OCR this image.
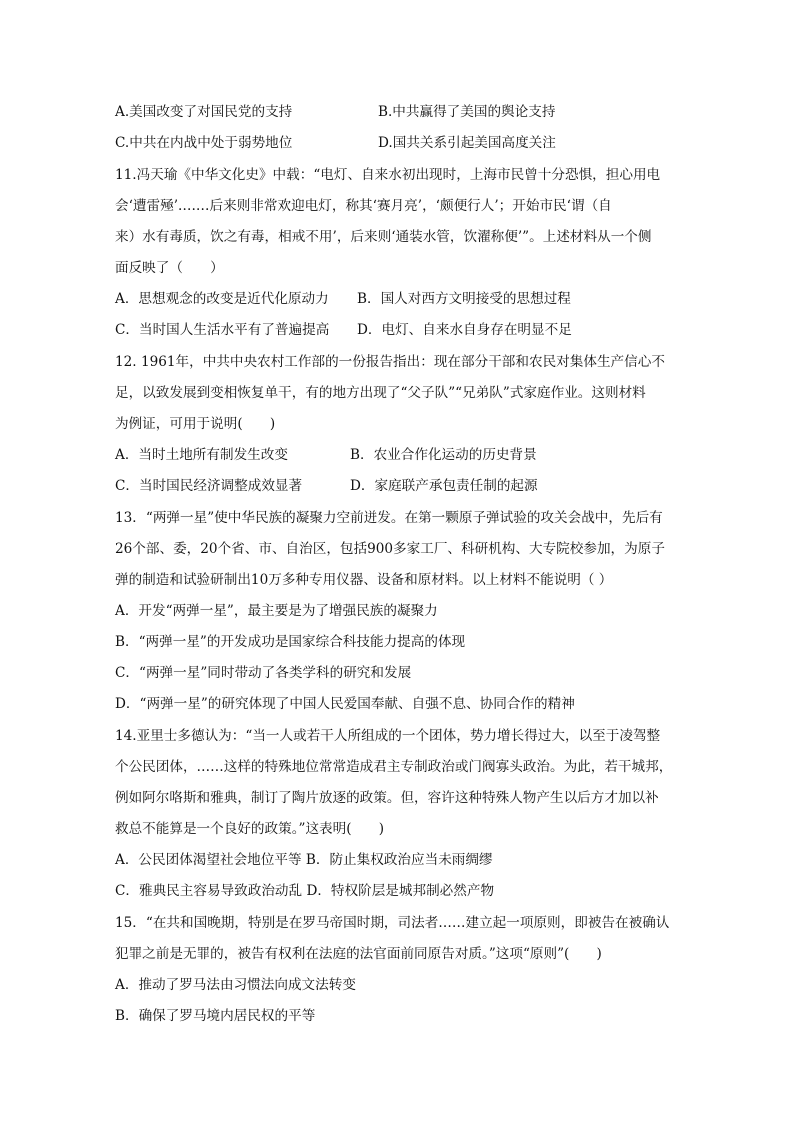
A.美国改变了对国民党的支持	B.中共赢得了美国的舆论支持
C.中共在内战中处于弱势地位	D.国共关系引起美国高度关注
11.冯天瑜《中华文化史》中载：“电灯、自来水初出现时，上海市民曾十分恐惧，担心用电
会‘遭雷殛’.……后来则非常欢迎电灯，称其‘赛月亮’，‘颇便行人’；开始市民‘谓（自
来）水有毒质，饮之有毒，相戒不用’，后来则‘通装水管，饮濯称便’”。上述材料从一个侧
面反映了（　　）
A．思想观念的改变是近代化原动力 B．国人对西方文明接受的思想过程
C．当时国人生活水平有了普遍提高 D．电灯、自来水自身存在明显不足
12. 1961年，中共中央农村工作部的一份报告指出：现在部分干部和农民对集体生产信心不
足，以致发展到变相恢复单干，有的地方出现了“父子队”“兄弟队”式家庭作业。这则材料
为例证，可用于说明(　　)
A．当时土地所有制发生改变	B．农业合作化运动的历史背景
C．当时国民经济调整成效显著	D．家庭联产承包责任制的起源
13．“两弹一星”使中华民族的凝聚力空前迸发。在第一颗原子弹试验的攻关会战中，先后有
26个部、委，20个省、市、自治区，包括900多家工厂、科研机构、大专院校参加，为原子
弹的制造和试验研制出10万多种专用仪器、设备和原材料。以上材料不能说明（ ）
A．开发“两弹一星”，最主要是为了增强民族的凝聚力
B．“两弹一星”的开发成功是国家综合科技能力提高的体现
C．“两弹一星”同时带动了各类学科的研究和发展
D．“两弹一星”的研究体现了中国人民爱国奉献、自强不息、协同合作的精神
14.亚里士多德认为：“当一人或若干人所组成的一个团体，势力增长得过大，以至于凌驾整
个公民团体，……这样的特殊地位常常造成君主专制政治或门阀寡头政治。为此，若干城邦，
例如阿尔咯斯和雅典，制订了陶片放逐的政策。但，容许这种特殊人物产生以后方才加以补
救总不能算是一个良好的政策。”这表明(　　)
A．公民团体渴望社会地位平等 B．防止集权政治应当未雨绸缪
C．雅典民主容易导致政治动乱 D．特权阶层是城邦制必然产物
15．“在共和国晚期，特别是在罗马帝国时期，司法者……建立起一项原则，即被告在被确认
犯罪之前是无罪的，被告有权利在法庭的法官面前同原告对质。”这项“原则”(　　)
A．推动了罗马法由习惯法向成文法转变
B．确保了罗马境内居民权的平等
